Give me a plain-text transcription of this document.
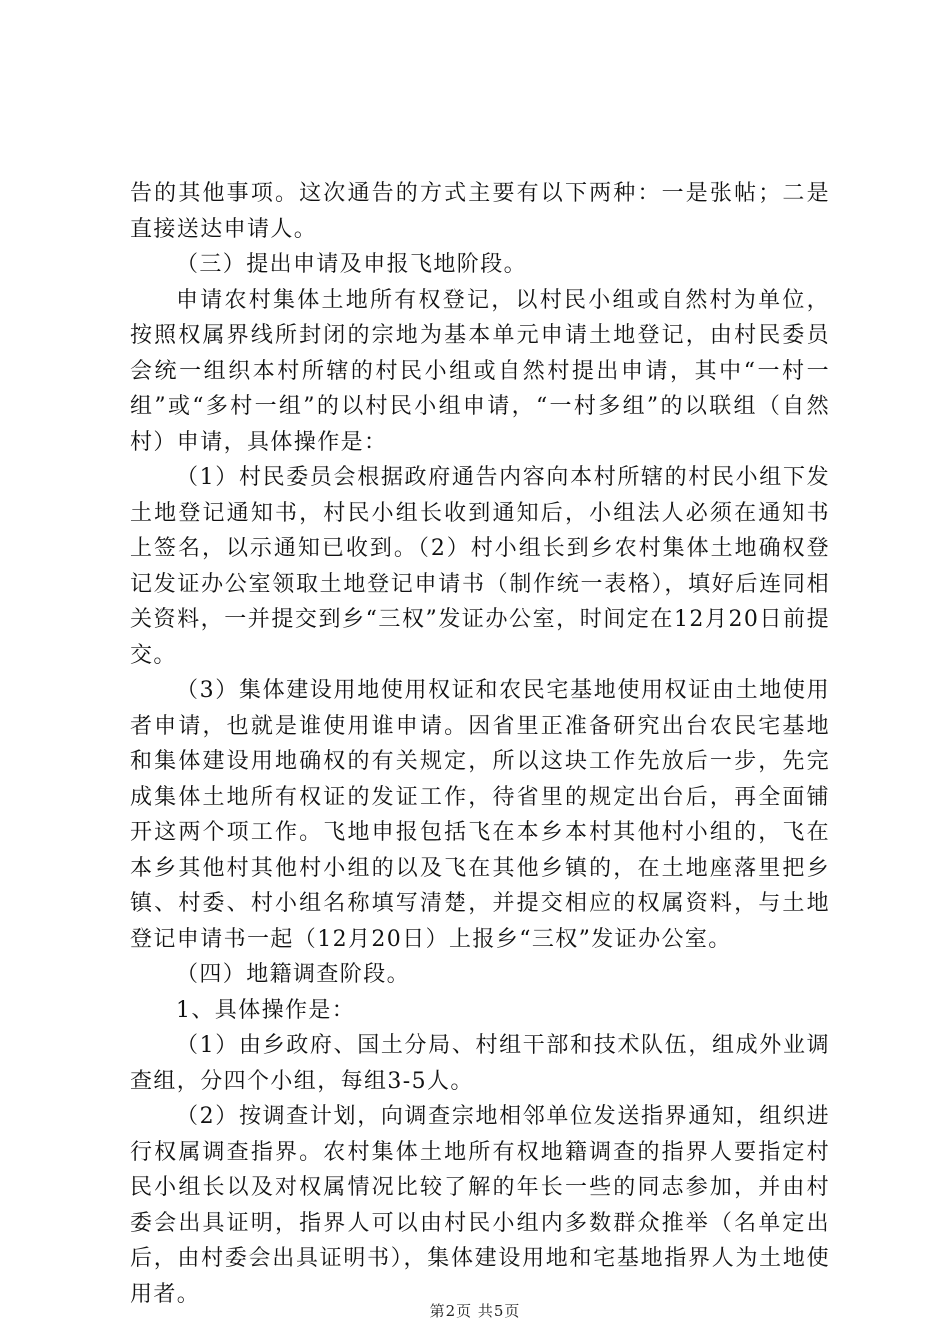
告的其他事项。这次通告的方式主要有以下两种：一是张帖；二是直接送达申请人。

（三）提出申请及申报飞地阶段。

申请农村集体土地所有权登记，以村民小组或自然村为单位，按照权属界线所封闭的宗地为基本单元申请土地登记，由村民委员会统一组织本村所辖的村民小组或自然村提出申请，其中“一村一组”或“多村一组”的以村民小组申请，“一村多组”的以联组（自然村）申请，具体操作是：

（1）村民委员会根据政府通告内容向本村所辖的村民小组下发土地登记通知书，村民小组长收到通知后，小组法人必须在通知书上签名，以示通知已收到。（2）村小组长到乡农村集体土地确权登记发证办公室领取土地登记申请书（制作统一表格），填好后连同相关资料，一并提交到乡“三权”发证办公室，时间定在12月20日前提交。

（3）集体建设用地使用权证和农民宅基地使用权证由土地使用者申请，也就是谁使用谁申请。因省里正准备研究出台农民宅基地和集体建设用地确权的有关规定，所以这块工作先放后一步，先完成集体土地所有权证的发证工作，待省里的规定出台后，再全面铺开这两个项工作。飞地申报包括飞在本乡本村其他村小组的，飞在本乡其他村其他村小组的以及飞在其他乡镇的，在土地座落里把乡镇、村委、村小组名称填写清楚，并提交相应的权属资料，与土地登记申请书一起（12月20日）上报乡“三权”发证办公室。

（四）地籍调查阶段。

1、具体操作是：

（1）由乡政府、国土分局、村组干部和技术队伍，组成外业调查组，分四个小组，每组3-5人。

（2）按调查计划，向调查宗地相邻单位发送指界通知，组织进行权属调查指界。农村集体土地所有权地籍调查的指界人要指定村民小组长以及对权属情况比较了解的年长一些的同志参加，并由村委会出具证明，指界人可以由村民小组内多数群众推举（名单定出后，由村委会出具证明书），集体建设用地和宅基地指界人为土地使用者。

第2页 共5页
